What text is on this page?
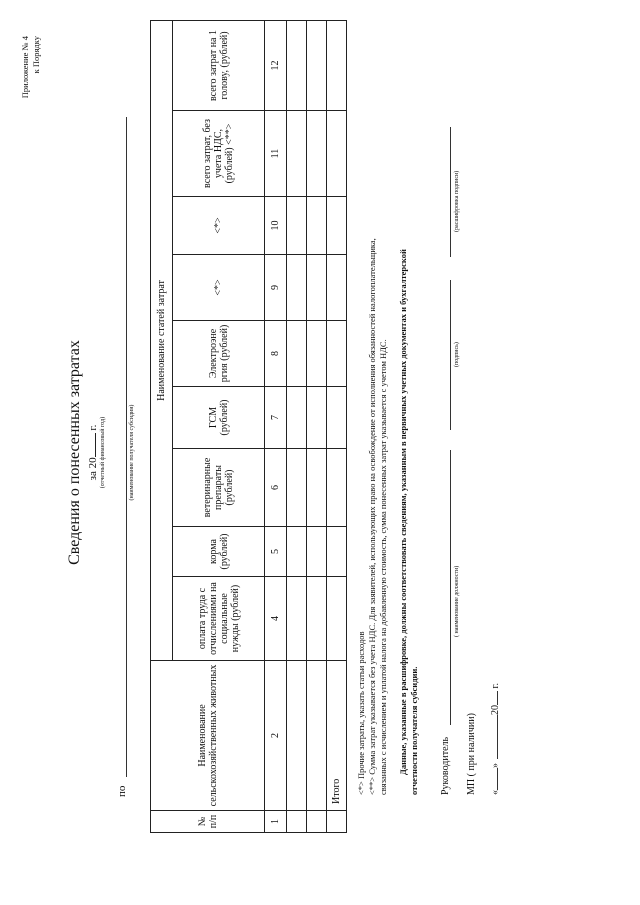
Приложение № 4 к Порядку
Сведения о понесенных затратах за 20 г. (отчетный финансовый год)
по
(наименование получателя субсидии)
№ п/п	Наименование сельскохозяйственных животных	Наименование статей затрат								
		оплата труда с отчислениями на социальные нужды (рублей)	корма (рублей)	ветеринарные препараты (рублей)	ГСМ (рублей)	Электроэне ргия (рублей)	<*>	<*>	всего затрат, без учета НДС, (рублей) <**>	всего затрат на 1 голову, (рублей)
1	2	4	5	6	7	8	9	10	11	12

	Итого									<*> Прочие затраты, указать статьи расходов <**> Сумма затрат указывается без учета НДС. Для заявителей, использующих право на освобождение от исполнения обязанностей налогоплательщика, связанных с исчислением и уплатой налога на добавленную стоимость, сумма понесенных затрат указывается с учетом НДС. Данные, указанные в расшифровке, должны соответствовать сведениям, указанным в первичных учетных документах и бухгалтерской отчетности получателя субсидии. Руководитель
( наименование должности)
(подпись)
(расшифровка подписи)
МП ( при наличии) «»20 г.
